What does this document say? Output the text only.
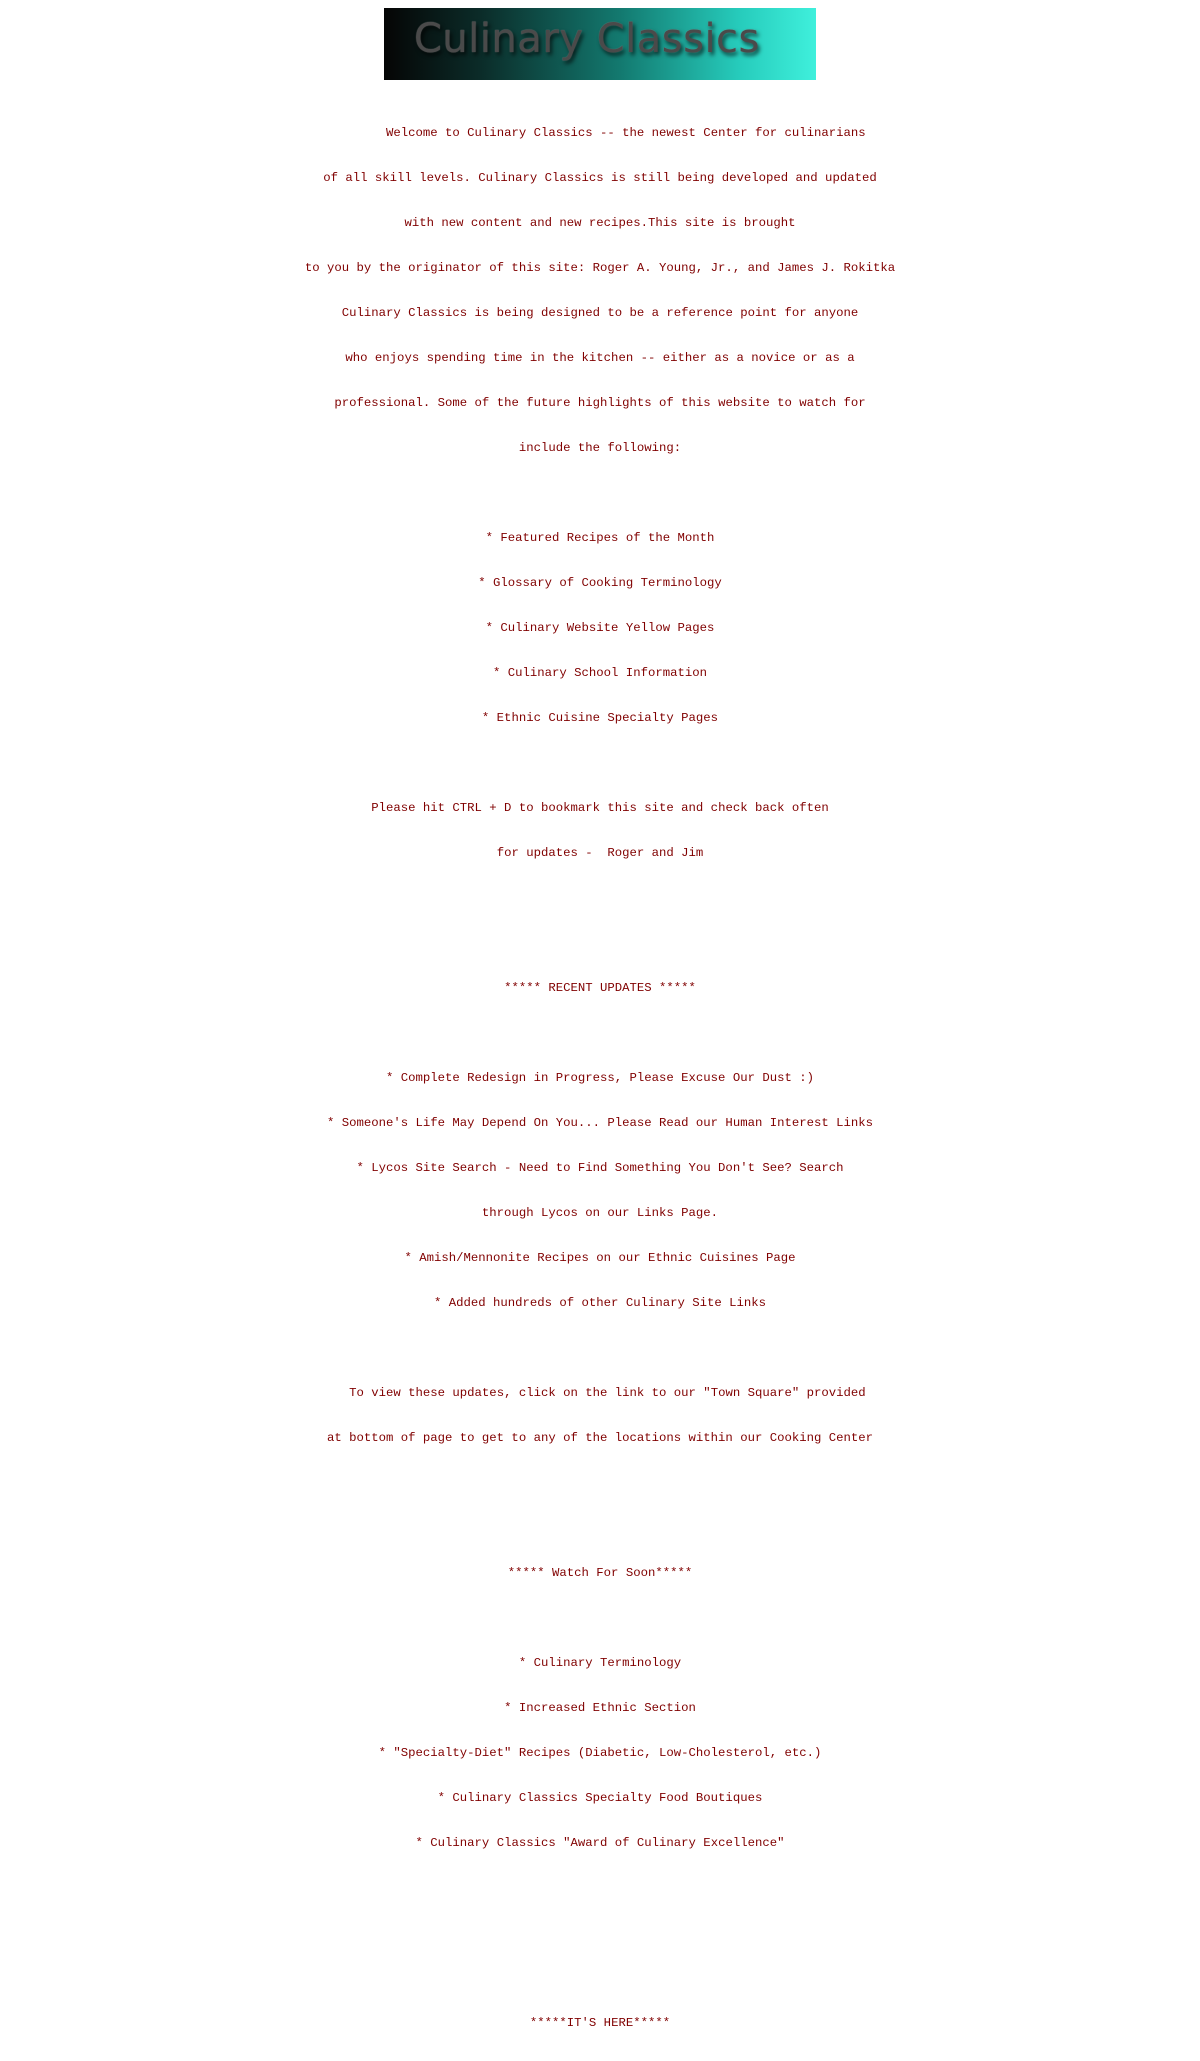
Culinary Classics

Welcome to Culinary Classics -- the newest Center for culinarians

of all skill levels. Culinary Classics is still being developed and updated

with new content and new recipes.This site is brought

to you by the originator of this site: Roger A. Young, Jr., and James J. Rokitka

Culinary Classics is being designed to be a reference point for anyone

who enjoys spending time in the kitchen -- either as a novice or as a

professional. Some of the future highlights of this website to watch for

include the following:

* Featured Recipes of the Month

* Glossary of Cooking Terminology

* Culinary Website Yellow Pages

* Culinary School Information

* Ethnic Cuisine Specialty Pages

Please hit CTRL + D to bookmark this site and check back often

for updates -  Roger and Jim

***** RECENT UPDATES *****

* Complete Redesign in Progress, Please Excuse Our Dust :)

* Someone's Life May Depend On You... Please Read our Human Interest Links

* Lycos Site Search - Need to Find Something You Don't See? Search

through Lycos on our Links Page.

* Amish/Mennonite Recipes on our Ethnic Cuisines Page

* Added hundreds of other Culinary Site Links

To view these updates, click on the link to our "Town Square" provided

at bottom of page to get to any of the locations within our Cooking Center

***** Watch For Soon*****

* Culinary Terminology

* Increased Ethnic Section

* "Specialty-Diet" Recipes (Diabetic, Low-Cholesterol, etc.)

* Culinary Classics Specialty Food Boutiques

* Culinary Classics "Award of Culinary Excellence"

*****IT'S HERE*****
